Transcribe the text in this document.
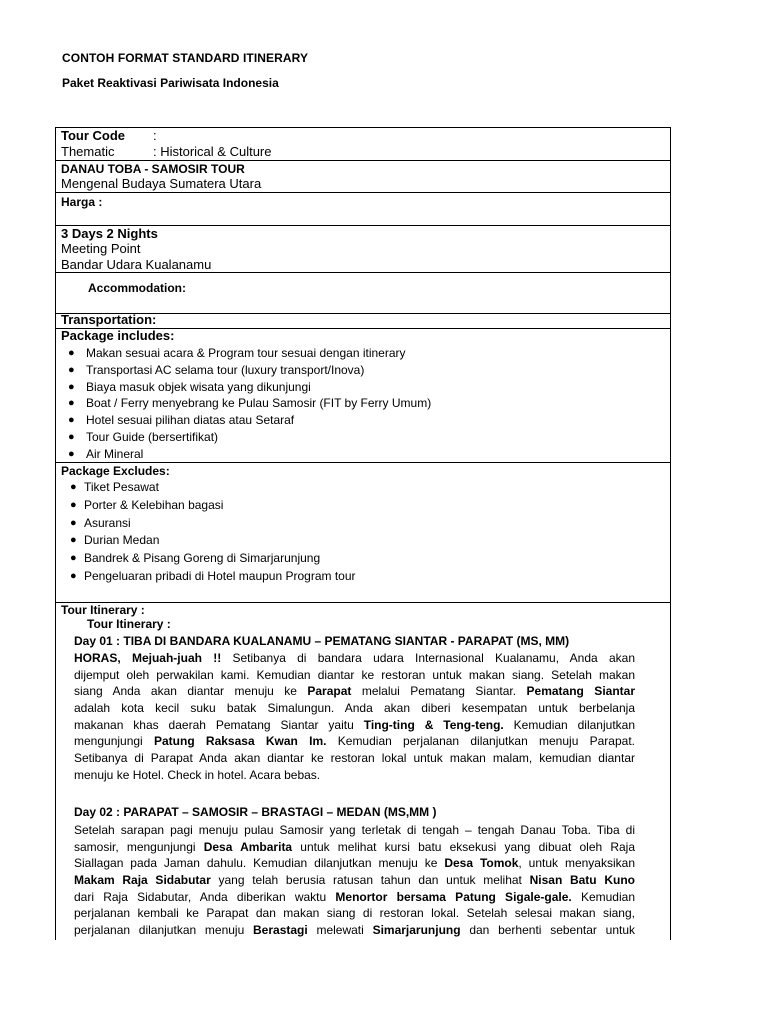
CONTOH FORMAT STANDARD ITINERARY
Paket Reaktivasi Pariwisata Indonesia
Tour Code :
Thematic	: Historical & Culture
DANAU TOBA - SAMOSIR TOUR
Mengenal Budaya Sumatera Utara
Harga :
3 Days 2 Nights
Meeting Point
Bandar Udara Kualanamu
Accommodation:
Transportation:
Package includes:
● Makan sesuai acara & Program tour sesuai dengan itinerary
● Transportasi AC selama tour (luxury transport/Inova)
● Biaya masuk objek wisata yang dikunjungi
● Boat / Ferry menyebrang ke Pulau Samosir (FIT by Ferry Umum)
● Hotel sesuai pilihan diatas atau Setaraf
● Tour Guide (bersertifikat)
● Air Mineral
Package Excludes:
● Tiket Pesawat
● Porter & Kelebihan bagasi
● Asuransi
● Durian Medan
● Bandrek & Pisang Goreng di Simarjarunjung
● Pengeluaran pribadi di Hotel maupun Program tour
Tour Itinerary :
Tour Itinerary :
Day 01 : TIBA DI BANDARA KUALANAMU – PEMATANG SIANTAR - PARAPAT (MS, MM)
HORAS, Mejuah-juah !! Setibanya di bandara udara Internasional Kualanamu, Anda akan
dijemput oleh perwakilan kami. Kemudian diantar ke restoran untuk makan siang. Setelah makan
siang Anda akan diantar menuju ke Parapat melalui Pematang Siantar. Pematang Siantar
adalah kota kecil suku batak Simalungun. Anda akan diberi kesempatan untuk berbelanja
makanan khas daerah Pematang Siantar yaitu Ting-ting & Teng-teng. Kemudian dilanjutkan
mengunjungi Patung Raksasa Kwan Im. Kemudian perjalanan dilanjutkan menuju Parapat.
Setibanya di Parapat Anda akan diantar ke restoran lokal untuk makan malam, kemudian diantar
menuju ke Hotel. Check in hotel. Acara bebas.
Day 02 : PARAPAT – SAMOSIR – BRASTAGI – MEDAN (MS,MM )
Setelah sarapan pagi menuju pulau Samosir yang terletak di tengah – tengah Danau Toba. Tiba di
samosir, mengunjungi Desa Ambarita untuk melihat kursi batu eksekusi yang dibuat oleh Raja
Siallagan pada Jaman dahulu. Kemudian dilanjutkan menuju ke Desa Tomok, untuk menyaksikan
Makam Raja Sidabutar yang telah berusia ratusan tahun dan untuk melihat Nisan Batu Kuno
dari Raja Sidabutar, Anda diberikan waktu Menortor bersama Patung Sigale-gale. Kemudian
perjalanan kembali ke Parapat dan makan siang di restoran lokal. Setelah selesai makan siang,
perjalanan dilanjutkan menuju Berastagi melewati Simarjarunjung dan berhenti sebentar untuk
